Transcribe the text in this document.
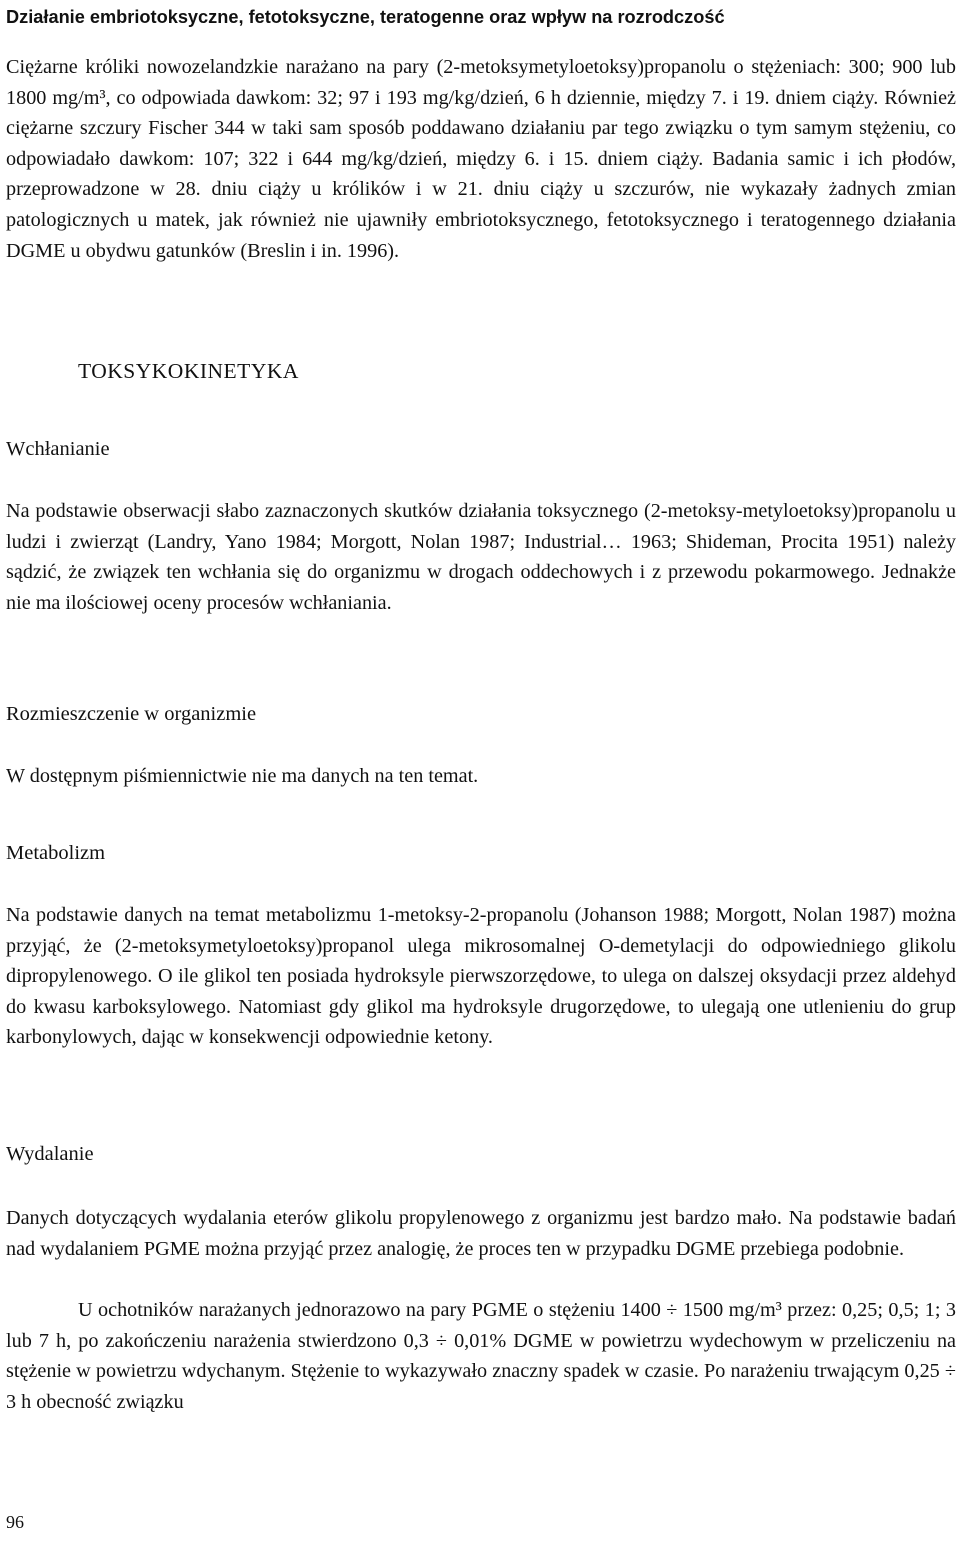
Działanie embriotoksyczne, fetotoksyczne, teratogenne oraz wpływ na rozrodczość

Ciężarne króliki nowozelandzkie narażano na pary (2-metoksymetyloetoksy)propanolu o stężeniach: 300; 900 lub 1800 mg/m³, co odpowiada dawkom: 32; 97 i 193 mg/kg/dzień, 6 h dziennie, między 7. i 19. dniem ciąży. Również ciężarne szczury Fischer 344 w taki sam sposób poddawano działaniu par tego związku o tym samym stężeniu, co odpowiadało dawkom: 107; 322 i 644 mg/kg/dzień, między 6. i 15. dniem ciąży. Badania samic i ich płodów, przeprowadzone w 28. dniu ciąży u królików i w 21. dniu ciąży u szczurów, nie wykazały żadnych zmian patologicznych u matek, jak również nie ujawniły embriotoksycznego, fetotoksycznego i teratogennego działania DGME u obydwu gatunków (Breslin i in. 1996).

TOKSYKOKINETYKA
Wchłanianie

Na podstawie obserwacji słabo zaznaczonych skutków działania toksycznego (2-metoksy-metyloetoksy)propanolu u ludzi i zwierząt (Landry, Yano 1984; Morgott, Nolan 1987; Industrial… 1963; Shideman, Procita 1951) należy sądzić, że związek ten wchłania się do organizmu w drogach oddechowych i z przewodu pokarmowego. Jednakże nie ma ilościowej oceny procesów wchłaniania.

Rozmieszczenie w organizmie

W dostępnym piśmiennictwie nie ma danych na ten temat.

Metabolizm

Na podstawie danych na temat metabolizmu 1-metoksy-2-propanolu (Johanson 1988; Morgott, Nolan 1987) można przyjąć, że (2-metoksymetyloetoksy)propanol ulega mikrosomalnej O-demetylacji do odpowiedniego glikolu dipropylenowego. O ile glikol ten posiada hydroksyle pierwszorzędowe, to ulega on dalszej oksydacji przez aldehyd do kwasu karboksylowego. Natomiast gdy glikol ma hydroksyle drugorzędowe, to ulegają one utlenieniu do grup karbonylowych, dając w konsekwencji odpowiednie ketony.

Wydalanie

Danych dotyczących wydalania eterów glikolu propylenowego z organizmu jest bardzo mało. Na podstawie badań nad wydalaniem PGME można przyjąć przez analogię, że proces ten w przypadku DGME przebiega podobnie.

U ochotników narażanych jednorazowo na pary PGME o stężeniu 1400 ÷ 1500 mg/m³ przez: 0,25; 0,5; 1; 3 lub 7 h, po zakończeniu narażenia stwierdzono 0,3 ÷ 0,01% DGME w powietrzu wydechowym w przeliczeniu na stężenie w powietrzu wdychanym. Stężenie to wykazywało znaczny spadek w czasie. Po narażeniu trwającym 0,25 ÷ 3 h obecność związku

96
